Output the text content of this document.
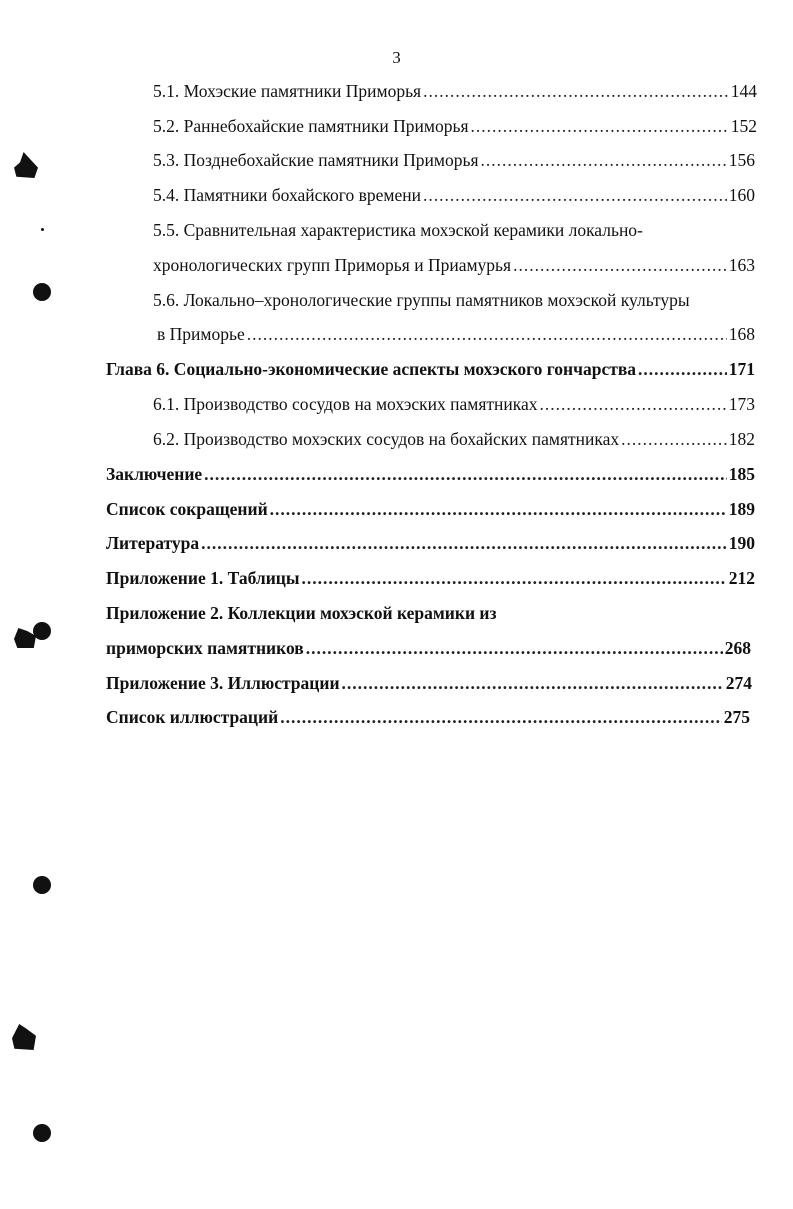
3
5.1. Мохэские памятники Приморья .....	144
5.2. Раннебохайские памятники Приморья .....	152
5.3. Позднебохайские памятники Приморья .....	156
5.4. Памятники бохайского времени .....	160
5.5. Сравнительная характеристика мохэской керамики локально-
хронологических групп Приморья и Приамурья .....	163
5.6. Локально–хронологические группы памятников мохэской культуры
в Приморье .....	168
Глава 6. Социально-экономические аспекты мохэского гончарства .....	171
6.1. Производство сосудов на мохэских памятниках .....	173
6.2. Производство мохэских сосудов на бохайских памятниках .....	182
Заключение .....	185
Список сокращений .....	189
Литература .....	190
Приложение 1. Таблицы .....	212
Приложение 2. Коллекции мохэской керамики из
приморских памятников .....	268
Приложение 3. Иллюстрации .....	274
Список иллюстраций .....	275
